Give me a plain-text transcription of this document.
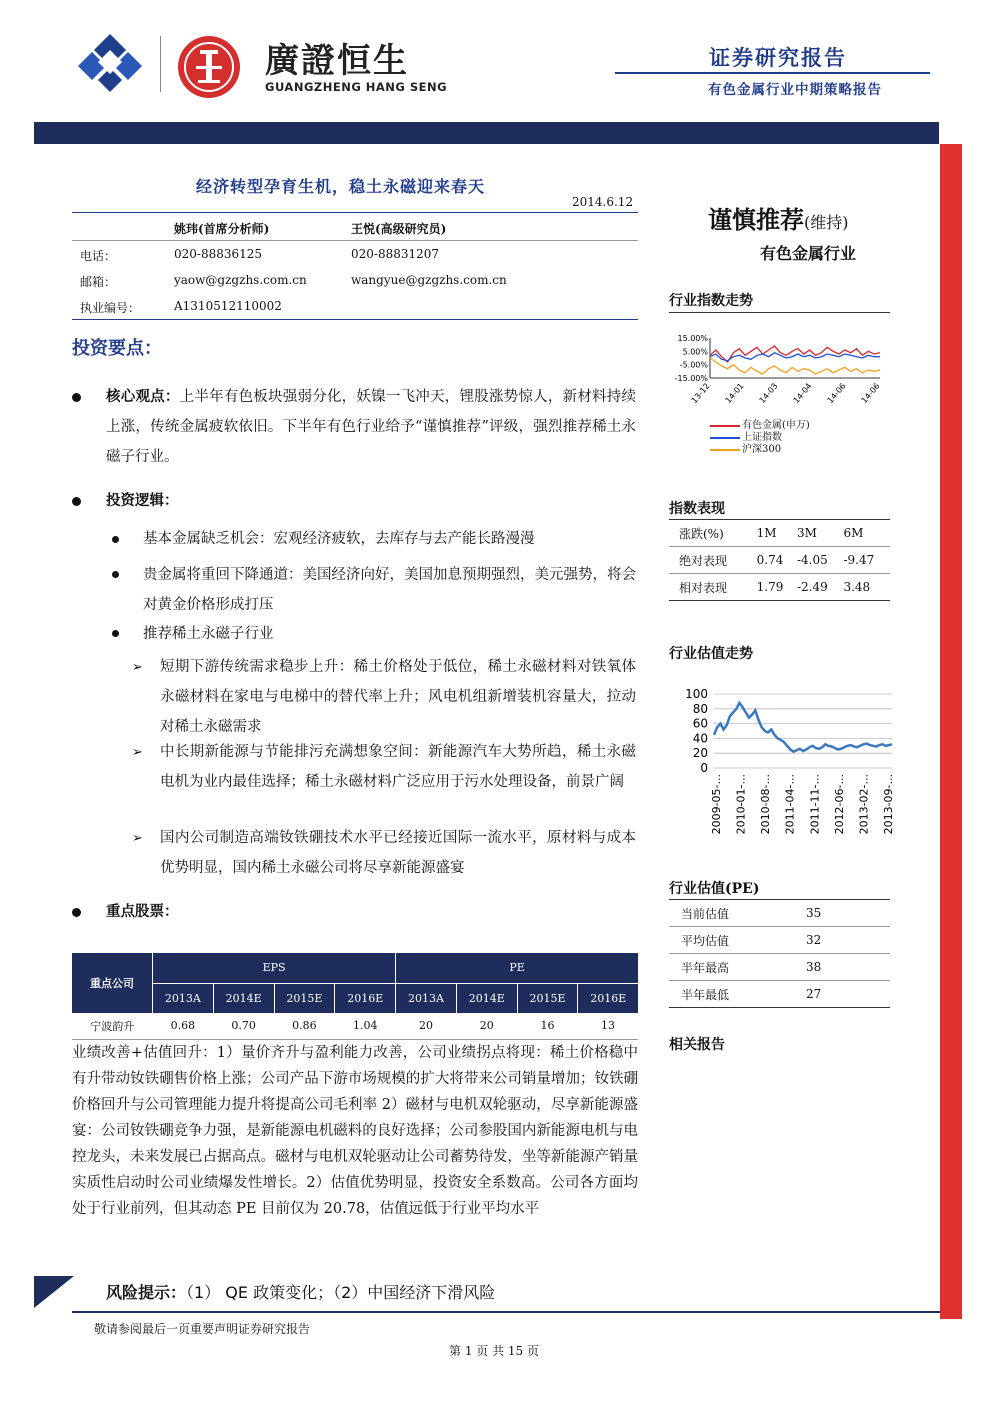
廣證恒生
GUANGZHENG HANG SENG
证券研究报告
有色金属行业中期策略报告
经济转型孕育生机，稳土永磁迎来春天
2014.6.12
姚玮(首席分析师)	王悦(高级研究员)
电话：	020-88836125	020-88831207
邮箱：	yaow@gzgzhs.com.cn	wangyue@gzgzhs.com.cn
执业编号：	A1310512110002
投资要点：
核心观点：上半年有色板块强弱分化，妖镍一飞冲天，锂股涨势惊人，新材料持续上涨，传统金属疲软依旧。下半年有色行业给予“谨慎推荐”评级，强烈推荐稀土永磁子行业。
投资逻辑：
基本金属缺乏机会：宏观经济疲软，去库存与去产能长路漫漫
贵金属将重回下降通道：美国经济向好，美国加息预期强烈，美元强势，将会对黄金价格形成打压
推荐稀土永磁子行业
➢ 短期下游传统需求稳步上升：稀土价格处于低位，稀土永磁材料对铁氧体永磁材料在家电与电梯中的替代率上升；风电机组新增装机容量大，拉动对稀土永磁需求
➢ 中长期新能源与节能排污充满想象空间：新能源汽车大势所趋，稀土永磁电机为业内最佳选择；稀土永磁材料广泛应用于污水处理设备，前景广阔
➢ 国内公司制造高端钕铁硼技术水平已经接近国际一流水平，原材料与成本优势明显，国内稀土永磁公司将尽享新能源盛宴
重点股票：
重点公司	EPS				PE			
	2013A	2014E	2015E	2016E	2013A	2014E	2015E	2016E
宁波韵升	0.68	0.70	0.86	1.04	20	20	16	13
业绩改善+估值回升：1）量价齐升与盈利能力改善，公司业绩拐点将现：稀土价格稳中有升带动钕铁硼售价格上涨；公司产品下游市场规模的扩大将带来公司销量增加；钕铁硼价格回升与公司管理能力提升将提高公司毛利率 2）磁材与电机双轮驱动，尽享新能源盛宴：公司钕铁硼竞争力强，是新能源电机磁料的良好选择；公司参股国内新能源电机与电控龙头，未来发展已占据高点。磁材与电机双轮驱动让公司蓄势待发，坐等新能源产销量实质性启动时公司业绩爆发性增长。2）估值优势明显，投资安全系数高。公司各方面均处于行业前列，但其动态 PE 目前仅为 20.78，估值远低于行业平均水平
风险提示：（1） QE 政策变化；（2）中国经济下滑风险
敬请参阅最后一页重要声明证券研究报告
第 1 页 共 15 页
谨慎推荐(维持)
有色金属行业
行业指数走势
15.00%
5.00%
-5.00%
-15.00%
13-12 14-01 14-03 14-04 14-06 14-06
有色金属(申万)
上证指数
沪深300
指数表现
涨跌(%)	1M	3M	6M
绝对表现	0.74	-4.05	-9.47
相对表现	1.79	-2.49	3.48
行业估值走势
100
80
60
40
20
0
2009-05-... 2010-01-... 2010-08-... 2011-04-... 2011-11-... 2012-06-... 2013-02-... 2013-09-...
行业估值(PE)
当前估值	35
平均估值	32
半年最高	38
半年最低	27
相关报告
